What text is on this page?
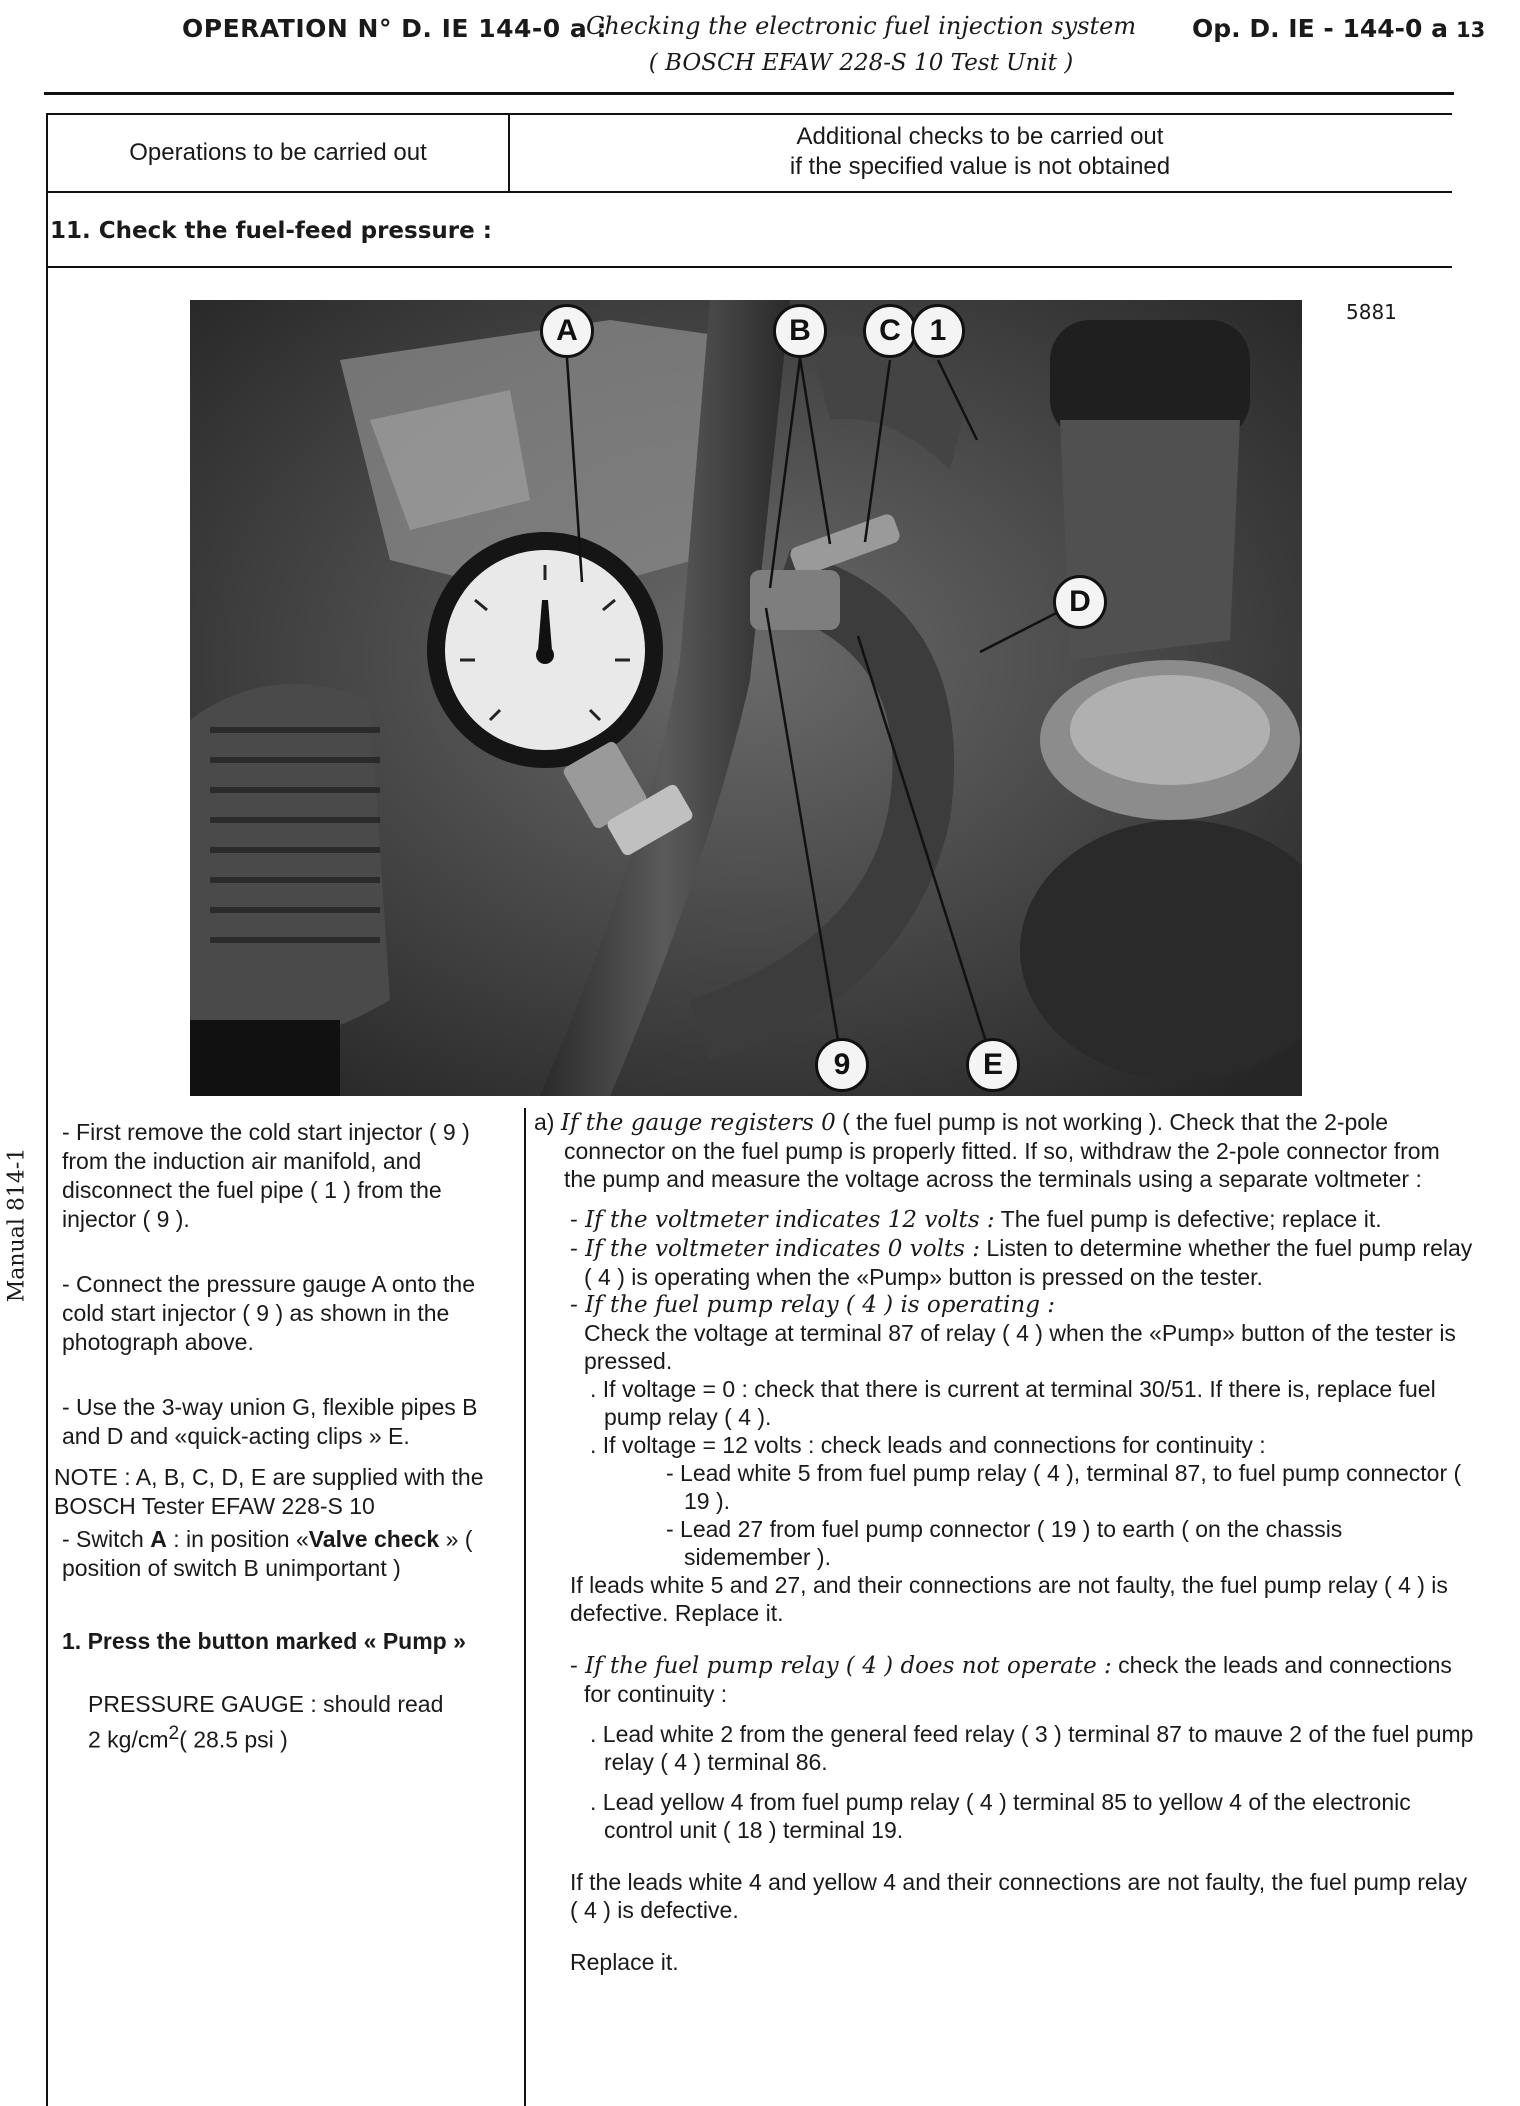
OPERATION N° D. IE 144-0 a :
Checking the electronic fuel injection system
( BOSCH EFAW 228-S 10 Test Unit )
Op. D. IE - 144-0 a 13
Operations to be carried out
Additional checks to be carried out
if the specified value is not obtained
11. Check the fuel-feed pressure :
Manual 814-1
5881
A	B C 1
D
9	E

- First remove the cold start injector ( 9 ) from the induction air manifold, and disconnect the fuel pipe ( 1 ) from the injector ( 9 ).

- Connect the pressure gauge A onto the cold start injector ( 9 ) as shown in the photograph above.

- Use the 3-way union G, flexible pipes B and D and «quick-acting clips » E.

NOTE : A, B, C, D, E are supplied with the BOSCH Tester EFAW 228-S 10

- Switch A : in position «Valve check » ( position of switch B unimportant )

1. Press the button marked « Pump »

PRESSURE GAUGE : should read

2 $kg/cm^2$( 28.5 psi )

a) If the gauge registers 0 ( the fuel pump is not working ). Check that the 2-pole connector on the fuel pump is properly fitted. If so, withdraw the 2-pole connector from the pump and measure the voltage across the terminals using a separate voltmeter :

- If the voltmeter indicates 12 volts : The fuel pump is defective; replace it.

- If the voltmeter indicates 0 volts : Listen to determine whether the fuel pump relay ( 4 ) is operating when the «Pump» button is pressed on the tester.

- If the fuel pump relay ( 4 ) is operating :

Check the voltage at terminal 87 of relay ( 4 ) when the «Pump» button of the tester is pressed.

. If voltage = 0 : check that there is current at terminal 30/51. If there is, replace fuel pump relay ( 4 ).

. If voltage = 12 volts : check leads and connections for continuity :

- Lead white 5 from fuel pump relay ( 4 ), terminal 87, to fuel pump connector ( 19 ).

- Lead 27 from fuel pump connector ( 19 ) to earth ( on the chassis sidemember ).

If leads white 5 and 27, and their connections are not faulty, the fuel pump relay ( 4 ) is defective. Replace it.

- If the fuel pump relay ( 4 ) does not operate : check the leads and connections for continuity :

. Lead white 2 from the general feed relay ( 3 ) terminal 87 to mauve 2 of the fuel pump relay ( 4 ) terminal 86.

. Lead yellow 4 from fuel pump relay ( 4 ) terminal 85 to yellow 4 of the electronic control unit ( 18 ) terminal 19.

If the leads white 4 and yellow 4 and their connections are not faulty, the fuel pump relay ( 4 ) is defective.

Replace it.
